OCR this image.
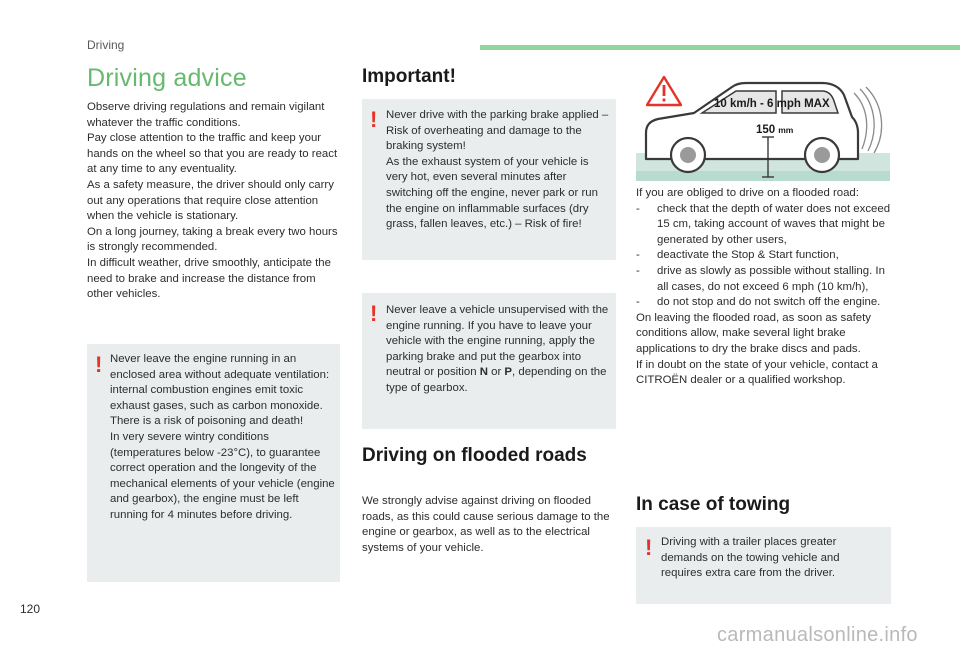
Driving
Driving advice

Observe driving regulations and remain vigilant whatever the traffic conditions.

Pay close attention to the traffic and keep your hands on the wheel so that you are ready to react at any time to any eventuality.

As a safety measure, the driver should only carry out any operations that require close attention when the vehicle is stationary.

On a long journey, taking a break every two hours is strongly recommended.

In difficult weather, drive smoothly, anticipate the need to brake and increase the distance from other vehicles.

! Never leave the engine running in an enclosed area without adequate ventilation: internal combustion engines emit toxic exhaust gases, such as carbon monoxide. There is a risk of poisoning and death!

In very severe wintry conditions (temperatures below -23°C), to guarantee correct operation and the longevity of the mechanical elements of your vehicle (engine and gearbox), the engine must be left running for 4 minutes before driving.

Important!
! Never drive with the parking brake applied – Risk of overheating and damage to the braking system!

As the exhaust system of your vehicle is very hot, even several minutes after switching off the engine, never park or run the engine on inflammable surfaces (dry grass, fallen leaves, etc.) – Risk of fire!

! Never leave a vehicle unsupervised with the engine running. If you have to leave your vehicle with the engine running, apply the parking brake and put the gearbox into neutral or position N or P, depending on the type of gearbox.

Driving on flooded roads

We strongly advise against driving on flooded roads, as this could cause serious damage to the engine or gearbox, as well as to the electrical systems of your vehicle.

10 km/h - 6 mph MAX
150 mm

If you are obliged to drive on a flooded road:

- check that the depth of water does not exceed 15 cm, taking account of waves that might be generated by other users,
- deactivate the Stop & Start function,
- drive as slowly as possible without stalling. In all cases, do not exceed 6 mph (10 km/h),
- do not stop and do not switch off the engine.

On leaving the flooded road, as soon as safety conditions allow, make several light brake applications to dry the brake discs and pads.

If in doubt on the state of your vehicle, contact a CITROËN dealer or a qualified workshop.

In case of towing
! Driving with a trailer places greater demands on the towing vehicle and requires extra care from the driver.

120
carmanualsonline.info
